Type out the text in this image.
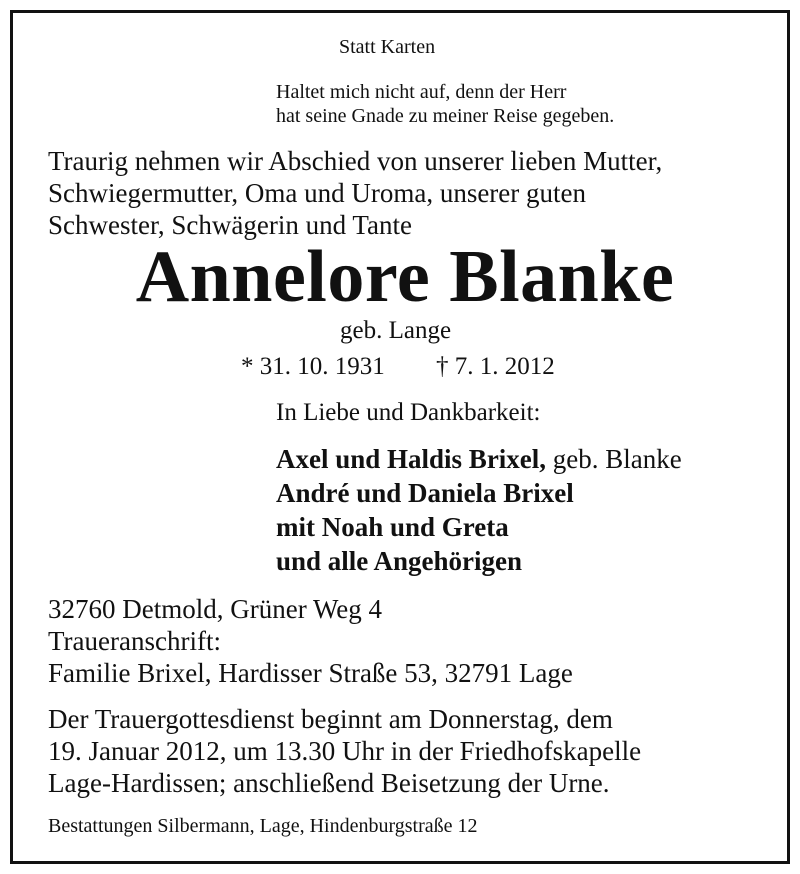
Statt Karten
Haltet mich nicht auf, denn der Herr
hat seine Gnade zu meiner Reise gegeben.
Traurig nehmen wir Abschied von unserer lieben Mutter,
Schwiegermutter, Oma und Uroma, unserer guten
Schwester, Schwägerin und Tante
Annelore Blanke
geb. Lange
* 31. 10. 1931 † 7. 1. 2012
In Liebe und Dankbarkeit:
Axel und Haldis Brixel, geb. Blanke
André und Daniela Brixel
mit Noah und Greta
und alle Angehörigen
32760 Detmold, Grüner Weg 4
Traueranschrift:
Familie Brixel, Hardisser Straße 53, 32791 Lage
Der Trauergottesdienst beginnt am Donnerstag, dem
19. Januar 2012, um 13.30 Uhr in der Friedhofskapelle
Lage-Hardissen; anschließend Beisetzung der Urne.
Bestattungen Silbermann, Lage, Hindenburgstraße 12
